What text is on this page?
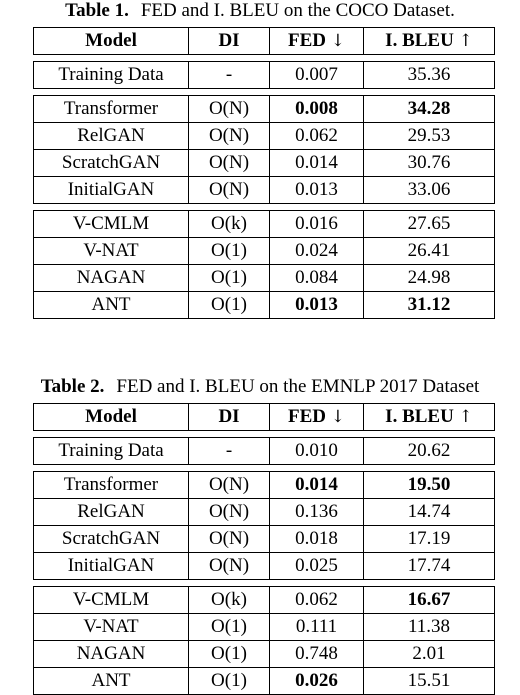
Table 1. FED and I. BLEU on the COCO Dataset.
Model	DI	FED ↓	I. BLEU ↑

Training Data	-	0.007	35.36

Transformer	O(N)	0.008	34.28
RelGAN	O(N)	0.062	29.53
ScratchGAN	O(N)	0.014	30.76
InitialGAN	O(N)	0.013	33.06

V-CMLM	O(k)	0.016	27.65
V-NAT	O(1)	0.024	26.41
NAGAN	O(1)	0.084	24.98
ANT	O(1)	0.013	31.12
Table 2. FED and I. BLEU on the EMNLP 2017 Dataset
Model	DI	FED ↓	I. BLEU ↑

Training Data	-	0.010	20.62

Transformer	O(N)	0.014	19.50
RelGAN	O(N)	0.136	14.74
ScratchGAN	O(N)	0.018	17.19
InitialGAN	O(N)	0.025	17.74

V-CMLM	O(k)	0.062	16.67
V-NAT	O(1)	0.111	11.38
NAGAN	O(1)	0.748	2.01
ANT	O(1)	0.026	15.51
